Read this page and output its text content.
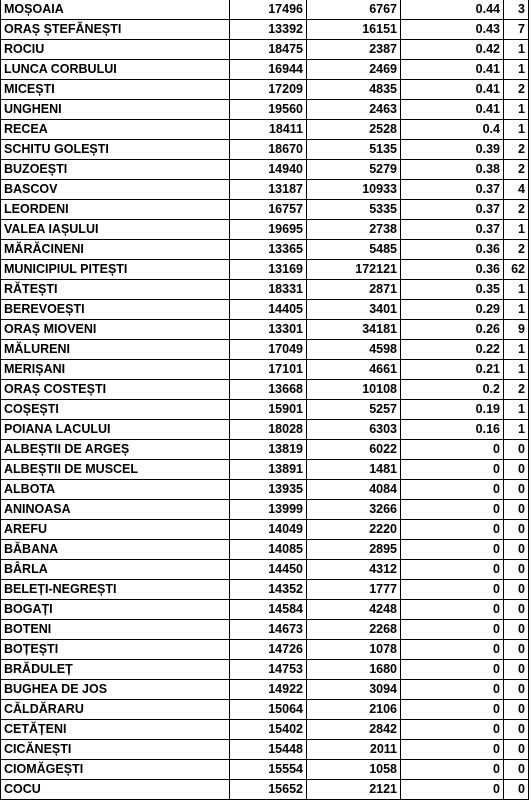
MOȘOAIA	17496	6767	0.44	3
ORAȘ ȘTEFĂNEȘTI	13392	16151	0.43	7
ROCIU	18475	2387	0.42	1
LUNCA CORBULUI	16944	2469	0.41	1
MICEȘTI	17209	4835	0.41	2
UNGHENI	19560	2463	0.41	1
RECEA	18411	2528	0.4	1
SCHITU GOLEȘTI	18670	5135	0.39	2
BUZOEȘTI	14940	5279	0.38	2
BASCOV	13187	10933	0.37	4
LEORDENI	16757	5335	0.37	2
VALEA IAȘULUI	19695	2738	0.37	1
MĂRĂCINENI	13365	5485	0.36	2
MUNICIPIUL PITEȘTI	13169	172121	0.36	62
RĂTEȘTI	18331	2871	0.35	1
BEREVOEȘTI	14405	3401	0.29	1
ORAȘ MIOVENI	13301	34181	0.26	9
MĂLURENI	17049	4598	0.22	1
MERIȘANI	17101	4661	0.21	1
ORAȘ COSTEȘTI	13668	10108	0.2	2
COȘEȘTI	15901	5257	0.19	1
POIANA LACULUI	18028	6303	0.16	1
ALBEȘTII DE ARGEȘ	13819	6022	0	0
ALBEȘTII DE MUSCEL	13891	1481	0	0
ALBOTA	13935	4084	0	0
ANINOASA	13999	3266	0	0
AREFU	14049	2220	0	0
BĂBANA	14085	2895	0	0
BÂRLA	14450	4312	0	0
BELEȚI-NEGREȘTI	14352	1777	0	0
BOGAȚI	14584	4248	0	0
BOTENI	14673	2268	0	0
BOȚEȘTI	14726	1078	0	0
BRĂDULEȚ	14753	1680	0	0
BUGHEA DE JOS	14922	3094	0	0
CĂLDĂRARU	15064	2106	0	0
CETĂȚENI	15402	2842	0	0
CICĂNEȘTI	15448	2011	0	0
CIOMĂGEȘTI	15554	1058	0	0
COCU	15652	2121	0	0
